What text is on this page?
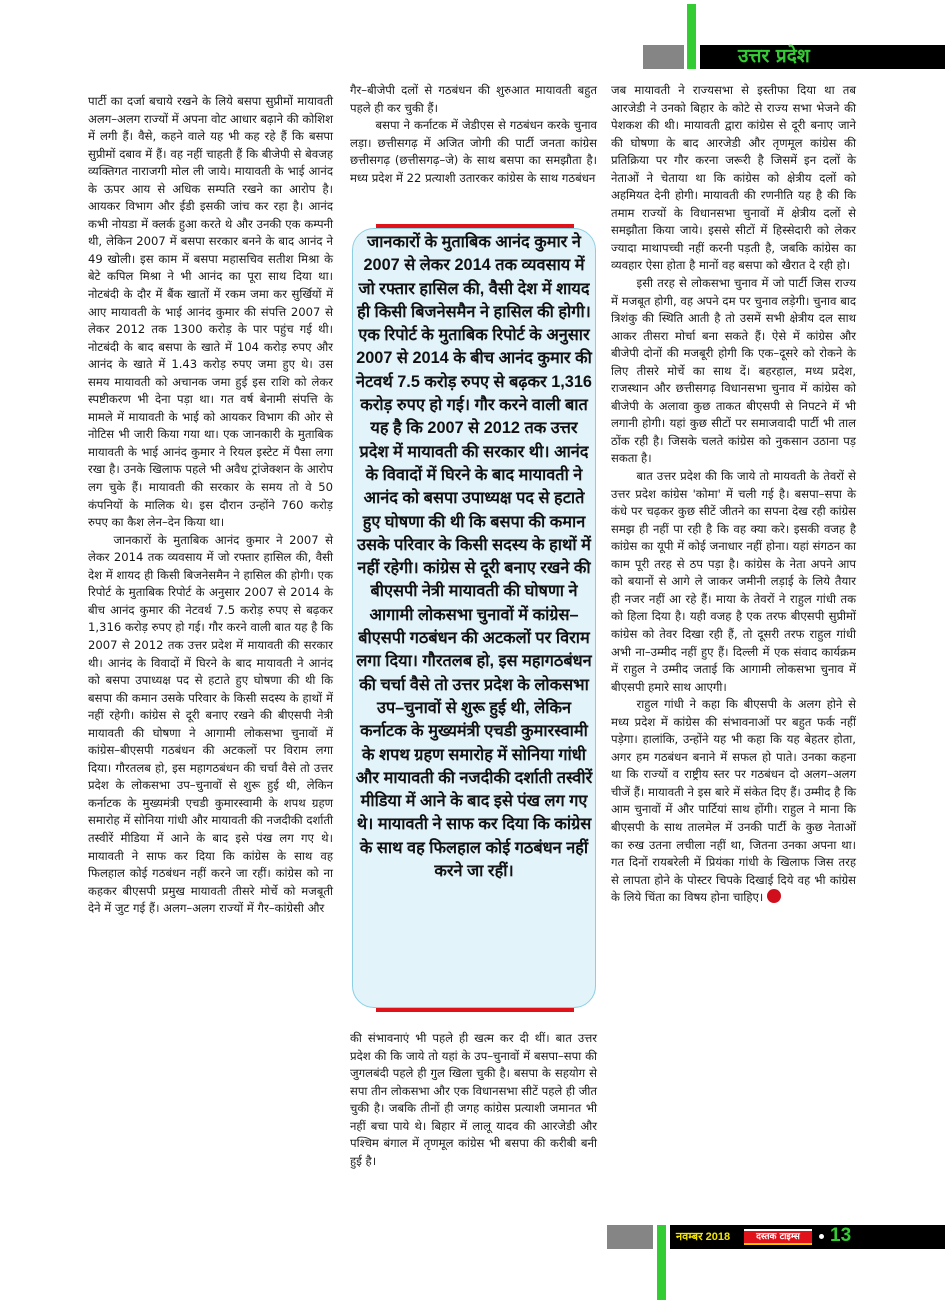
उत्तर प्रदेश

पार्टी का दर्जा बचाये रखने के लिये बसपा सुप्रीमों मायावती अलग–अलग राज्यों में अपना वोट आधार बढ़ाने की कोशिश में लगी हैं। वैसे, कहने वाले यह भी कह रहे हैं कि बसपा सुप्रीमों दबाव में हैं। वह नहीं चाहती हैं कि बीजेपी से बेवजह व्यक्तिगत नाराजगी मोल ली जाये। मायावती के भाई आनंद के ऊपर आय से अधिक सम्पति रखने का आरोप है। आयकर विभाग और ईडी इसकी जांच कर रहा है। आनंद कभी नोयडा में क्लर्क हुआ करते थे और उनकी एक कम्पनी थी, लेकिन 2007 में बसपा सरकार बनने के बाद आनंद ने 49 खोली। इस काम में बसपा महासचिव सतीश मिश्रा के बेटे कपिल मिश्रा ने भी आनंद का पूरा साथ दिया था। नोटबंदी के दौर में बैंक खातों में रकम जमा कर सुर्खियों में आए मायावती के भाई आनंद कुमार की संपत्ति 2007 से लेकर 2012 तक 1300 करोड़ के पार पहुंच गई थी। नोटबंदी के बाद बसपा के खाते में 104 करोड़ रुपए और आनंद के खाते में 1.43 करोड़ रुपए जमा हुए थे। उस समय मायावती को अचानक जमा हुई इस राशि को लेकर स्पष्टीकरण भी देना पड़ा था। गत वर्ष बेनामी संपत्ति के मामले में मायावती के भाई को आयकर विभाग की ओर से नोटिस भी जारी किया गया था। एक जानकारी के मुताबिक मायावती के भाई आनंद कुमार ने रियल इस्टेट में पैसा लगा रखा है। उनके खिलाफ पहले भी अवैध ट्रांजेक्शन के आरोप लग चुके हैं। मायावती की सरकार के समय तो वे 50 कंपनियों के मालिक थे। इस दौरान उन्होंने 760 करोड़ रुपए का कैश लेन–देन किया था।

जानकारों के मुताबिक आनंद कुमार ने 2007 से लेकर 2014 तक व्यवसाय में जो रफ्तार हासिल की, वैसी देश में शायद ही किसी बिजनेसमैन ने हासिल की होगी। एक रिपोर्ट के मुताबिक रिपोर्ट के अनुसार 2007 से 2014 के बीच आनंद कुमार की नेटवर्थ 7.5 करोड़ रुपए से बढ़कर 1,316 करोड़ रुपए हो गई। गौर करने वाली बात यह है कि 2007 से 2012 तक उत्तर प्रदेश में मायावती की सरकार थी। आनंद के विवादों में घिरने के बाद मायावती ने आनंद को बसपा उपाध्यक्ष पद से हटाते हुए घोषणा की थी कि बसपा की कमान उसके परिवार के किसी सदस्य के हाथों में नहीं रहेगी। कांग्रेस से दूरी बनाए रखने की बीएसपी नेत्री मायावती की घोषणा ने आगामी लोकसभा चुनावों में कांग्रेस–बीएसपी गठबंधन की अटकलों पर विराम लगा दिया। गौरतलब हो, इस महागठबंधन की चर्चा वैसे तो उत्तर प्रदेश के लोकसभा उप–चुनावों से शुरू हुई थी, लेकिन कर्नाटक के मुख्यमंत्री एचडी कुमारस्वामी के शपथ ग्रहण समारोह में सोनिया गांधी और मायावती की नजदीकी दर्शाती तस्वीरें मीडिया में आने के बाद इसे पंख लग गए थे। मायावती ने साफ कर दिया कि कांग्रेस के साथ वह फिलहाल कोई गठबंधन नहीं करने जा रहीं। कांग्रेस को ना कहकर बीएसपी प्रमुख मायावती तीसरे मोर्चे को मजबूती देने में जुट गई हैं। अलग–अलग राज्यों में गैर–कांग्रेसी और

गैर–बीजेपी दलों से गठबंधन की शुरुआत मायावती बहुत पहले ही कर चुकी हैं।

बसपा ने कर्नाटक में जेडीएस से गठबंधन करके चुनाव लड़ा। छत्तीसगढ़ में अजित जोगी की पार्टी जनता कांग्रेस छत्तीसगढ़ (छत्तीसगढ़–जे) के साथ बसपा का समझौता है। मध्य प्रदेश में 22 प्रत्याशी उतारकर कांग्रेस के साथ गठबंधन

जानकारों के मुताबिक आनंद कुमार ने 2007 से लेकर 2014 तक व्यवसाय में जो रफ्तार हासिल की, वैसी देश में शायद ही किसी बिजनेसमैन ने हासिल की होगी। एक रिपोर्ट के मुताबिक रिपोर्ट के अनुसार 2007 से 2014 के बीच आनंद कुमार की नेटवर्थ 7.5 करोड़ रुपए से बढ़कर 1,316 करोड़ रुपए हो गई। गौर करने वाली बात यह है कि 2007 से 2012 तक उत्तर प्रदेश में मायावती की सरकार थी। आनंद के विवादों में घिरने के बाद मायावती ने आनंद को बसपा उपाध्यक्ष पद से हटाते हुए घोषणा की थी कि बसपा की कमान उसके परिवार के किसी सदस्य के हाथों में नहीं रहेगी। कांग्रेस से दूरी बनाए रखने की बीएसपी नेत्री मायावती की घोषणा ने आगामी लोकसभा चुनावों में कांग्रेस–बीएसपी गठबंधन की अटकलों पर विराम लगा दिया। गौरतलब हो, इस महागठबंधन की चर्चा वैसे तो उत्तर प्रदेश के लोकसभा उप–चुनावों से शुरू हुई थी, लेकिन कर्नाटक के मुख्यमंत्री एचडी कुमारस्वामी के शपथ ग्रहण समारोह में सोनिया गांधी और मायावती की नजदीकी दर्शाती तस्वीरें मीडिया में आने के बाद इसे पंख लग गए थे। मायावती ने साफ कर दिया कि कांग्रेस के साथ वह फिलहाल कोई गठबंधन नहीं करने जा रहीं।

की संभावनाएं भी पहले ही खत्म कर दी थीं। बात उत्तर प्रदेश की कि जाये तो यहां के उप–चुनावों में बसपा–सपा की जुगलबंदी पहले ही गुल खिला चुकी है। बसपा के सहयोग से सपा तीन लोकसभा और एक विधानसभा सीटें पहले ही जीत चुकी है। जबकि तीनों ही जगह कांग्रेस प्रत्याशी जमानत भी नहीं बचा पाये थे। बिहार में लालू यादव की आरजेडी और पश्चिम बंगाल में तृणमूल कांग्रेस भी बसपा की करीबी बनी हुई है।

जब मायावती ने राज्यसभा से इस्तीफा दिया था तब आरजेडी ने उनको बिहार के कोटे से राज्य सभा भेजने की पेशकश की थी। मायावती द्वारा कांग्रेस से दूरी बनाए जाने की घोषणा के बाद आरजेडी और तृणमूल कांग्रेस की प्रतिक्रिया पर गौर करना जरूरी है जिसमें इन दलों के नेताओं ने चेताया था कि कांग्रेस को क्षेत्रीय दलों को अहमियत देनी होगी। मायावती की रणनीति यह है की कि तमाम राज्यों के विधानसभा चुनावों में क्षेत्रीय दलों से समझौता किया जाये। इससे सीटों में हिस्सेदारी को लेकर ज्यादा माथापच्ची नहीं करनी पड़ती है, जबकि कांग्रेस का व्यवहार ऐसा होता है मानों वह बसपा को खैरात दे रही हो।

इसी तरह से लोकसभा चुनाव में जो पार्टी जिस राज्य में मजबूत होगी, वह अपने दम पर चुनाव लड़ेगी। चुनाव बाद त्रिशंकु की स्थिति आती है तो उसमें सभी क्षेत्रीय दल साथ आकर तीसरा मोर्चा बना सकते हैं। ऐसे में कांग्रेस और बीजेपी दोनों की मजबूरी होगी कि एक–दूसरे को रोकने के लिए तीसरे मोर्चे का साथ दें। बहरहाल, मध्य प्रदेश, राजस्थान और छत्तीसगढ़ विधानसभा चुनाव में कांग्रेस को बीजेपी के अलावा कुछ ताकत बीएसपी से निपटने में भी लगानी होगी। यहां कुछ सीटों पर समाजवादी पार्टी भी ताल ठोंक रही है। जिसके चलते कांग्रेस को नुकसान उठाना पड़ सकता है।

बात उत्तर प्रदेश की कि जाये तो मायवती के तेवरों से उत्तर प्रदेश कांग्रेस 'कोमा' में चली गई है। बसपा–सपा के कंधे पर चढ़कर कुछ सीटें जीतने का सपना देख रही कांग्रेस समझ ही नहीं पा रही है कि वह क्या करे। इसकी वजह है कांग्रेस का यूपी में कोई जनाधार नहीं होना। यहां संगठन का काम पूरी तरह से ठप पड़ा है। कांग्रेस के नेता अपने आप को बयानों से आगे ले जाकर जमीनी लड़ाई के लिये तैयार ही नजर नहीं आ रहे हैं। माया के तेवरों ने राहुल गांधी तक को हिला दिया है। यही वजह है एक तरफ बीएसपी सुप्रीमों कांग्रेस को तेवर दिखा रही हैं, तो दूसरी तरफ राहुल गांधी अभी ना–उम्मीद नहीं हुए हैं। दिल्ली में एक संवाद कार्यक्रम में राहुल ने उम्मीद जताई कि आगामी लोकसभा चुनाव में बीएसपी हमारे साथ आएगी।

राहुल गांधी ने कहा कि बीएसपी के अलग होने से मध्य प्रदेश में कांग्रेस की संभावनाओं पर बहुत फर्क नहीं पड़ेगा। हालांकि, उन्होंने यह भी कहा कि यह बेहतर होता, अगर हम गठबंधन बनाने में सफल हो पाते। उनका कहना था कि राज्यों व राष्ट्रीय स्तर पर गठबंधन दो अलग–अलग चीजें हैं। मायावती ने इस बारे में संकेत दिए हैं। उम्मीद है कि आम चुनावों में और पार्टियां साथ होंगी। राहुल ने माना कि बीएसपी के साथ तालमेल में उनकी पार्टी के कुछ नेताओं का रुख उतना लचीला नहीं था, जितना उनका अपना था। गत दिनों रायबरेली में प्रियंका गांधी के खिलाफ जिस तरह से लापता होने के पोस्टर चिपके दिखाई दिये वह भी कांग्रेस के लिये चिंता का विषय होना चाहिए।

नवम्बर 2018	दस्तक टाइम्स	13
